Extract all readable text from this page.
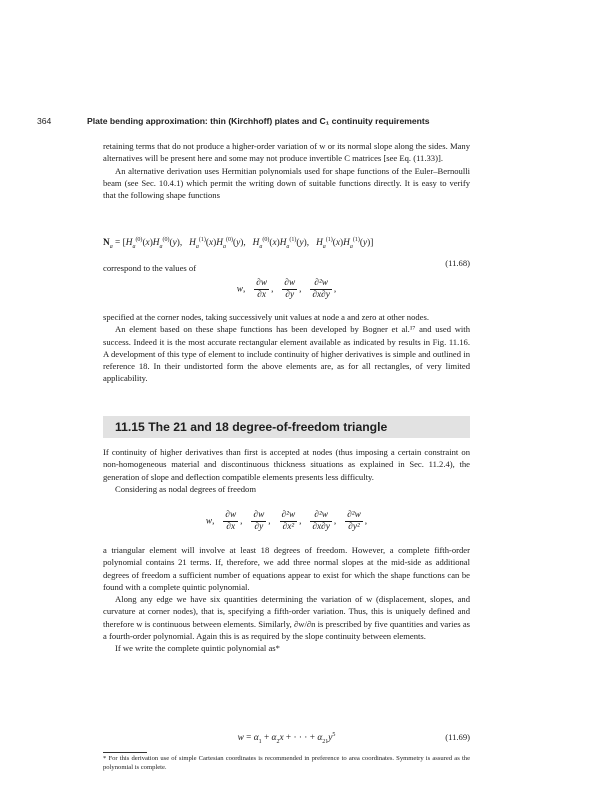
364	Plate bending approximation: thin (Kirchhoff) plates and C₁ continuity requirements

retaining terms that do not produce a higher-order variation of w or its normal slope along the sides. Many alternatives will be present here and some may not produce invertible C matrices [see Eq. (11.33)].

An alternative derivation uses Hermitian polynomials used for shape functions of the Euler–Bernoulli beam (see Sec. 10.4.1) which permit the writing down of suitable functions directly. It is easy to verify that the following shape functions

$N_a = [H_a^{(0)}(x)H_a^{(0)}(y)$,   $H_a^{(1)}(x)H_a^{(0)}(y)$,   $H_a^{(0)}(x)H_a^{(1)}(y)$,   $H_a^{(1)}(x)H_a^{(1)}(y)$]
(11.68)

correspond to the values of

w, $\frac{\partial w}{\partial x}$ , $\frac{\partial w}{\partial y}$ , $\frac{\text{∂²w}}{\partial x\partial y}$ ,

specified at the corner nodes, taking successively unit values at node a and zero at other nodes.

An element based on these shape functions has been developed by Bogner et al.¹⁷ and used with success. Indeed it is the most accurate rectangular element available as indicated by results in Fig. 11.16. A development of this type of element to include continuity of higher derivatives is simple and outlined in reference 18. In their undistorted form the above elements are, as for all rectangles, of very limited applicability.

11.15 The 21 and 18 degree-of-freedom triangle

If continuity of higher derivatives than first is accepted at nodes (thus imposing a certain constraint on non-homogeneous material and discontinuous thickness situations as explained in Sec. 11.2.4), the generation of slope and deflection compatible elements presents less difficulty.

Considering as nodal degrees of freedom

w, $\frac{\partial w}{\partial x}$ , $\frac{\partial w}{\partial y}$ , $\frac{\text{∂²w}}{\text{∂x²}}$ , $\frac{\text{∂²w}}{\partial x\partial y}$ , $\frac{\text{∂²w}}{\text{∂y²}}$ ,

a triangular element will involve at least 18 degrees of freedom. However, a complete fifth-order polynomial contains 21 terms. If, therefore, we add three normal slopes at the mid-side as additional degrees of freedom a sufficient number of equations appear to exist for which the shape functions can be found with a complete quintic polynomial.

Along any edge we have six quantities determining the variation of w (displacement, slopes, and curvature at corner nodes), that is, specifying a fifth-order variation. Thus, this is uniquely defined and therefore w is continuous between elements. Similarly, ∂w/∂n is prescribed by five quantities and varies as a fourth-order polynomial. Again this is as required by the slope continuity between elements.

If we write the complete quintic polynomial as*

$w = \alpha_1 + \alpha_2x$ + · · · + $\alpha_{21}y^5$	(11.69)
* For this derivation use of simple Cartesian coordinates is recommended in preference to area coordinates. Symmetry is assured as the polynomial is complete.
